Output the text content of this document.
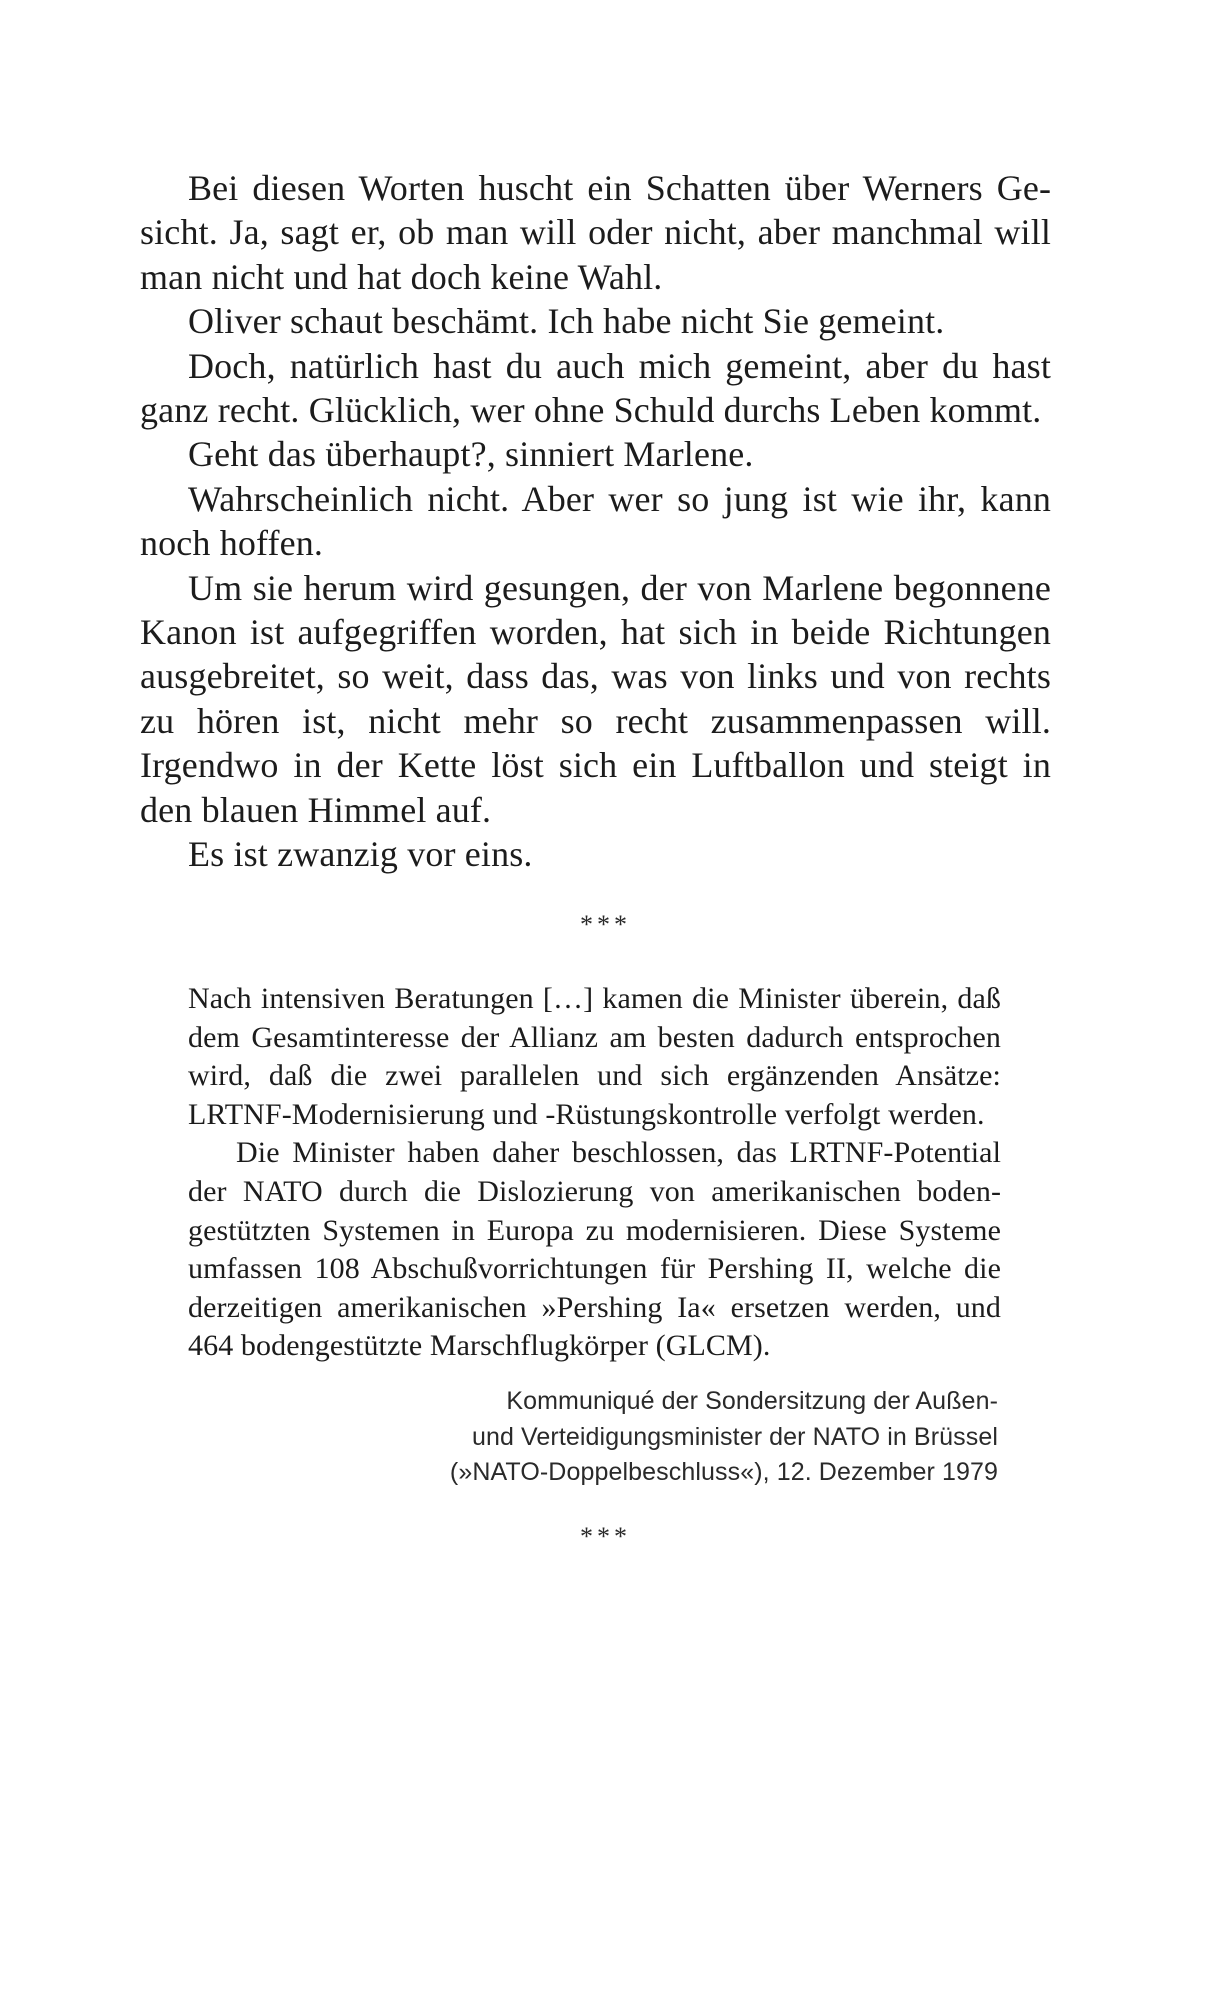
Bei diesen Worten huscht ein Schatten über Werners Gesicht. Ja, sagt er, ob man will oder nicht, aber manchmal will man nicht und hat doch keine Wahl.

Oliver schaut beschämt. Ich habe nicht Sie gemeint.

Doch, natürlich hast du auch mich gemeint, aber du hast ganz recht. Glücklich, wer ohne Schuld durchs Leben kommt.

Geht das überhaupt?, sinniert Marlene.

Wahrscheinlich nicht. Aber wer so jung ist wie ihr, kann noch hoffen.

Um sie herum wird gesungen, der von Marlene begonnene Kanon ist aufgegriffen worden, hat sich in beide Richtungen ausgebreitet, so weit, dass das, was von links und von rechts zu hören ist, nicht mehr so recht zusammenpassen will. Irgendwo in der Kette löst sich ein Luftballon und steigt in den blauen Himmel auf.

Es ist zwanzig vor eins.

***

Nach intensiven Beratungen […] kamen die Minister überein, daß dem Gesamtinteresse der Allianz am besten dadurch entsprochen wird, daß die zwei parallelen und sich ergänzenden Ansätze: LRTNF-Modernisierung und -Rüstungskontrolle verfolgt werden.

Die Minister haben daher beschlossen, das LRTNF-Potential der NATO durch die Dislozierung von amerikanischen bodengestützten Systemen in Europa zu modernisieren. Diese Systeme umfassen 108 Abschußvorrichtungen für Pershing II, welche die derzeitigen amerikanischen »Pershing Ia« ersetzen werden, und 464 bodengestützte Marschflugkörper (GLCM).

Kommuniqué der Sondersitzung der Außen-
und Verteidigungsminister der NATO in Brüssel
(»NATO-Doppelbeschluss«), 12. Dezember 1979
***
